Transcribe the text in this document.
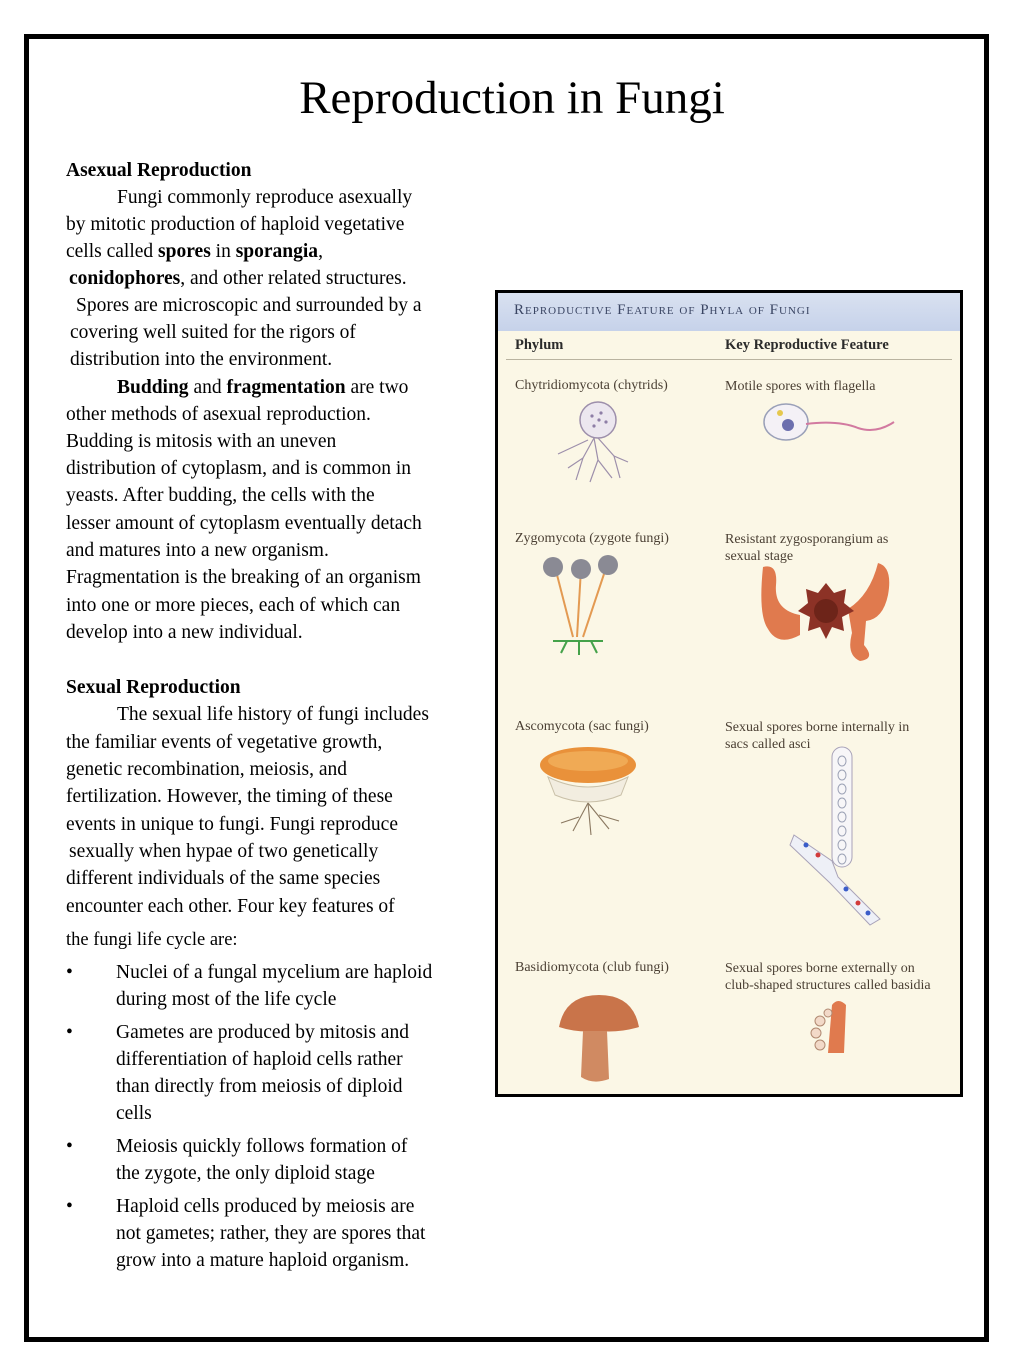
Reproduction in Fungi
Asexual Reproduction
Fungi commonly reproduce asexually
by mitotic production of haploid vegetative
cells called spores in sporangia,
conidophores, and other related structures.
Spores are microscopic and surrounded by a
covering well suited for the rigors of
distribution into the environment.
Budding and fragmentation are two
other methods of asexual reproduction.
Budding is mitosis with an uneven
distribution of cytoplasm, and is common in
yeasts. After budding, the cells with the
lesser amount of cytoplasm eventually detach
and matures into a new organism.
Fragmentation is the breaking of an organism
into one or more pieces, each of which can
develop into a new individual.
Sexual Reproduction
The sexual life history of fungi includes
the familiar events of vegetative growth,
genetic recombination, meiosis, and
fertilization. However, the timing of these
events in unique to fungi. Fungi reproduce
sexually when hypae of two genetically
different individuals of the same species
encounter each other. Four key features of
the fungi life cycle are:
• Nuclei of a fungal mycelium are haploid
during most of the life cycle
• Gametes are produced by mitosis and
differentiation of haploid cells rather
than directly from meiosis of diploid
cells
• Meiosis quickly follows formation of
the zygote, the only diploid stage
• Haploid cells produced by meiosis are
not gametes; rather, they are spores that
grow into a mature haploid organism.
Reproductive Feature of Phyla of Fungi
Phylum	Key Reproductive Feature
Chytridiomycota (chytrids)	Motile spores with flagella
Zygomycota (zygote fungi)	Resistant zygosporangium as
sexual stage
Ascomycota (sac fungi)	Sexual spores borne internally in
sacs called asci
Basidiomycota (club fungi)	Sexual spores borne externally on
club-shaped structures called basidia
